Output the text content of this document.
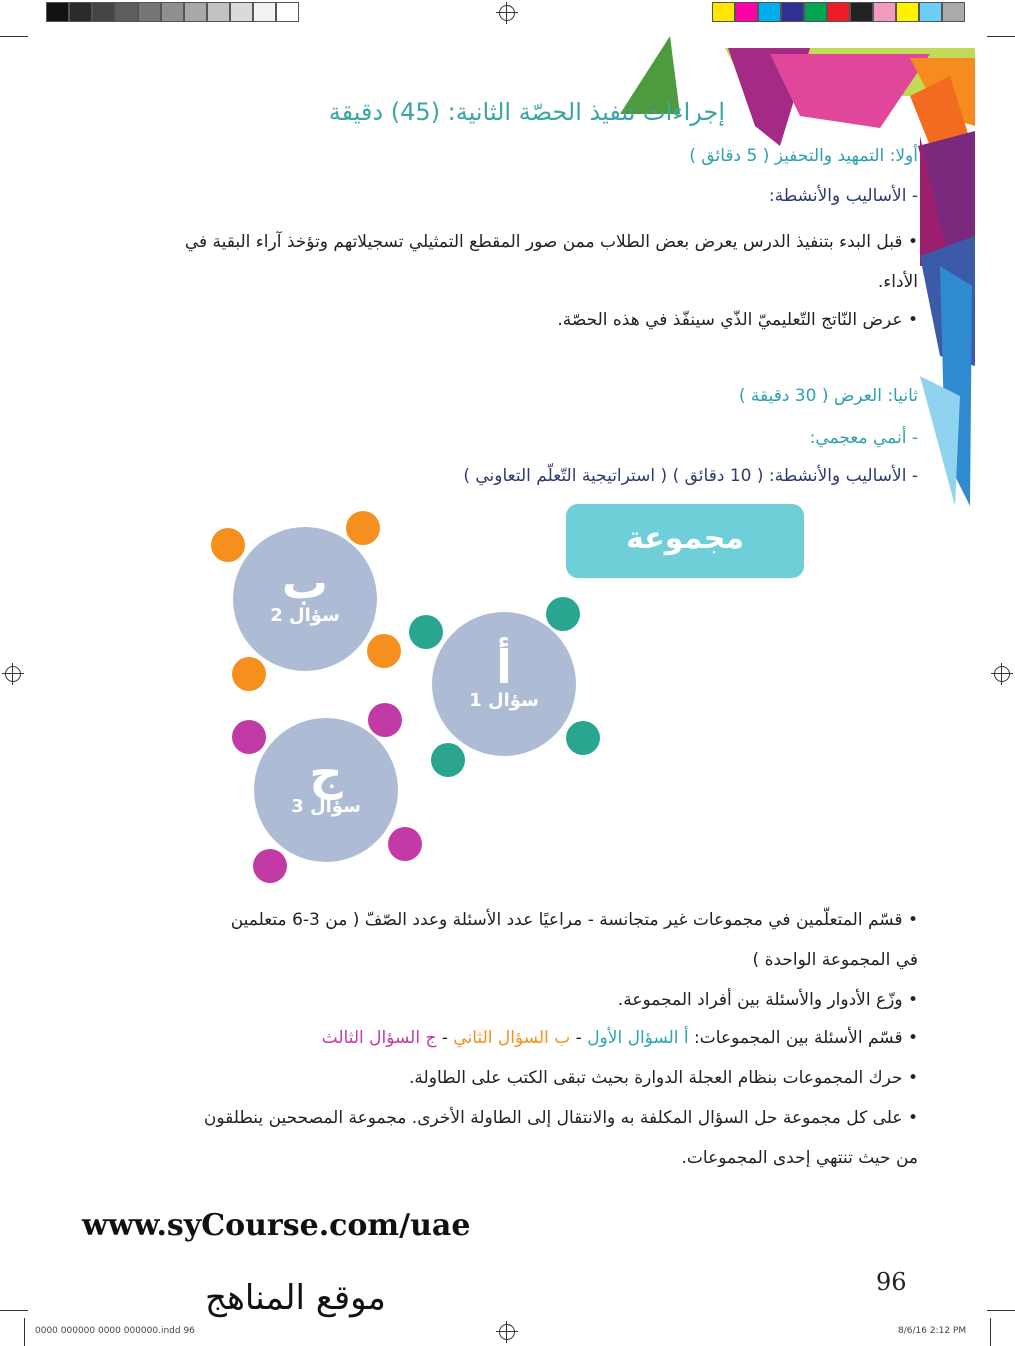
إجراءات تنفيذ الحصّة الثانية: (45) دقيقة
أولا: التمهيد والتحفيز ( 5 دقائق )
- الأساليب والأنشطة:
• قبل البدء بتنفيذ الدرس يعرض بعض الطلاب ممن صور المقطع التمثيلي تسجيلاتهم وتؤخذ آراء البقية في
الأداء.
• عرض النّاتج التّعليميّ الذّي سينفّذ في هذه الحصّة.
ثانيا: العرض ( 30 دقيقة )
- أنمي معجمي:
- الأساليب والأنشطة: ( 10 دقائق ) ( استراتيجية التّعلّم التعاوني )
مجموعة المصححين
ب
سؤال 2
أ
سؤال 1
ج
سؤال 3
• قسّم المتعلّمين في مجموعات غير متجانسة - مراعيًا عدد الأسئلة وعدد الصّفّ ( من 3-6 متعلمين
في المجموعة الواحدة )
• وزّع الأدوار والأسئلة بين أفراد المجموعة.
• قسّم الأسئلة بين المجموعات: أ السؤال الأول - ب السؤال الثاني - ج السؤال الثالث
• حرك المجموعات بنظام العجلة الدوارة بحيث تبقى الكتب على الطاولة.
• على كل مجموعة حل السؤال المكلفة به والانتقال إلى الطاولة الأخرى. مجموعة المصححين ينطلقون
من حيث تنتهي إحدى المجموعات.
www.syCourse.com/uae
96
موقع المناهج
0000 000000 0000 000000.indd 96	8/6/16 2:12 PM
